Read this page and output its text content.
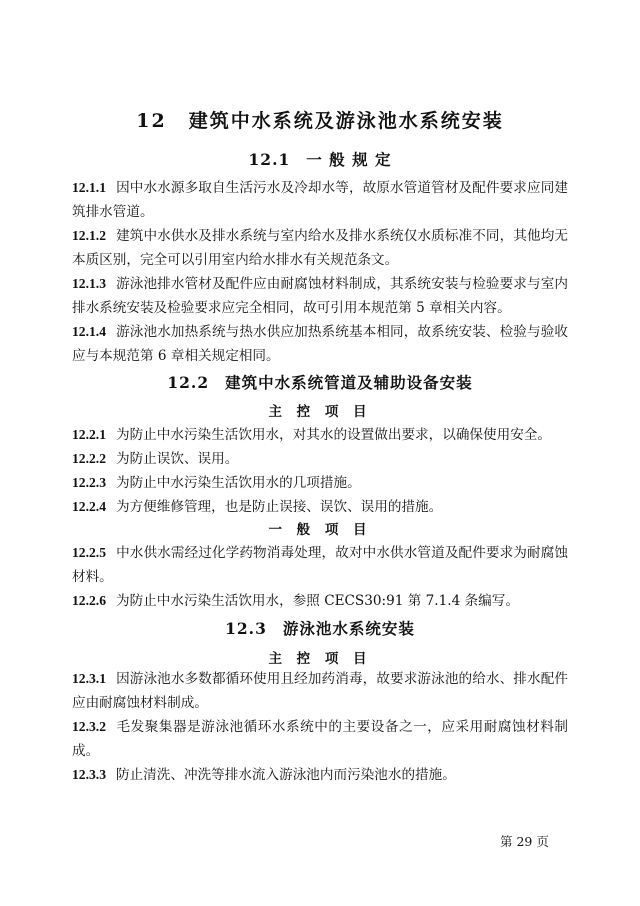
12 建筑中水系统及游泳池水系统安装
12.1 一 般 规 定
12.1.1 因中水水源多取自生活污水及冷却水等，故原水管道管材及配件要求应同建筑排水管道。
12.1.2 建筑中水供水及排水系统与室内给水及排水系统仅水质标准不同，其他均无本质区别，完全可以引用室内给水排水有关规范条文。
12.1.3 游泳池排水管材及配件应由耐腐蚀材料制成，其系统安装与检验要求与室内排水系统安装及检验要求应完全相同，故可引用本规范第 5 章相关内容。
12.1.4 游泳池水加热系统与热水供应加热系统基本相同，故系统安装、检验与验收应与本规范第 6 章相关规定相同。
12.2 建筑中水系统管道及辅助设备安装
主 控 项 目
12.2.1 为防止中水污染生活饮用水，对其水的设置做出要求，以确保使用安全。
12.2.2 为防止误饮、误用。
12.2.3 为防止中水污染生活饮用水的几项措施。
12.2.4 为方便维修管理，也是防止误接、误饮、误用的措施。
一 般 项 目
12.2.5 中水供水需经过化学药物消毒处理，故对中水供水管道及配件要求为耐腐蚀材料。
12.2.6 为防止中水污染生活饮用水，参照 CECS30:91 第 7.1.4 条编写。
12.3 游泳池水系统安装
主 控 项 目
12.3.1 因游泳池水多数都循环使用且经加药消毒，故要求游泳池的给水、排水配件应由耐腐蚀材料制成。
12.3.2 毛发聚集器是游泳池循环水系统中的主要设备之一，应采用耐腐蚀材料制成。
12.3.3 防止清洗、冲洗等排水流入游泳池内而污染池水的措施。
第 29 页
